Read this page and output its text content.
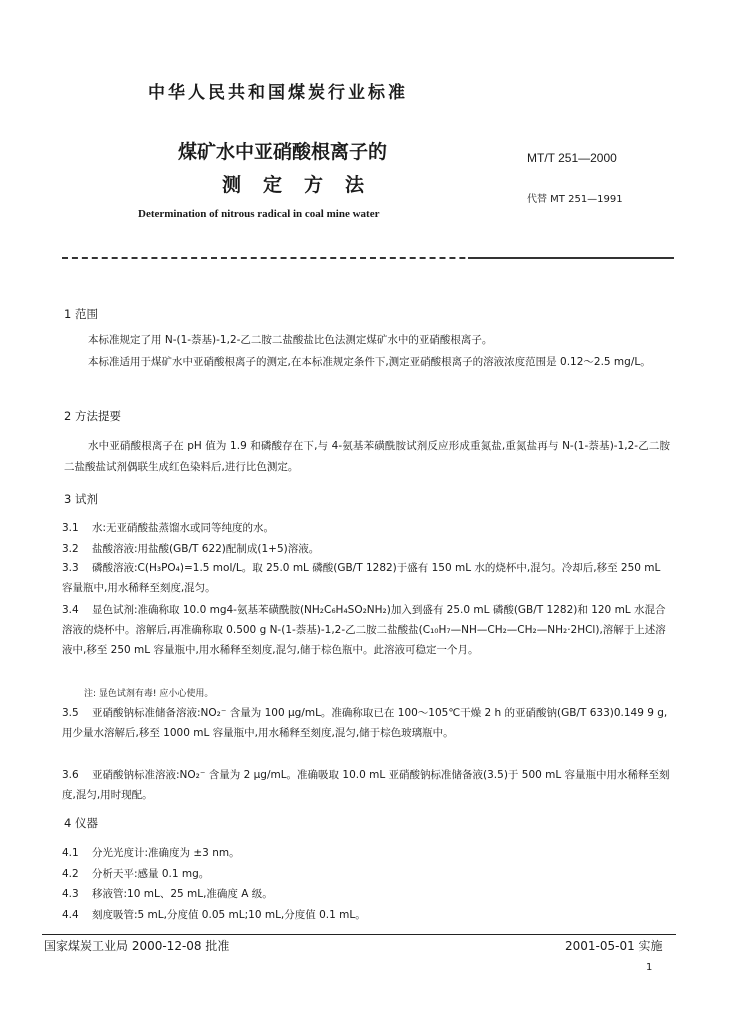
中华人民共和国煤炭行业标准
煤矿水中亚硝酸根离子的
测定方法
Determination of nitrous radical in coal mine water
MT/T 251—2000
代替 MT 251—1991
1 范围
本标准规定了用 N-(1-萘基)-1,2-乙二胺二盐酸盐比色法测定煤矿水中的亚硝酸根离子。
本标准适用于煤矿水中亚硝酸根离子的测定,在本标准规定条件下,测定亚硝酸根离子的溶液浓度范围是 0.12～2.5 mg/L。
2 方法提要
水中亚硝酸根离子在 pH 值为 1.9 和磷酸存在下,与 4-氨基苯磺酰胺试剂反应形成重氮盐,重氮盐再与 N-(1-萘基)-1,2-乙二胺二盐酸盐试剂偶联生成红色染料后,进行比色测定。
3 试剂
3.1 水:无亚硝酸盐蒸馏水或同等纯度的水。
3.2 盐酸溶液:用盐酸(GB/T 622)配制成(1+5)溶液。
3.3 磷酸溶液:C(H₃PO₄)=1.5 mol/L。取 25.0 mL 磷酸(GB/T 1282)于盛有 150 mL 水的烧杯中,混匀。冷却后,移至 250 mL 容量瓶中,用水稀释至刻度,混匀。
3.4 显色试剂:准确称取 10.0 mg4-氨基苯磺酰胺(NH₂C₆H₄SO₂NH₂)加入到盛有 25.0 mL 磷酸(GB/T 1282)和 120 mL 水混合溶液的烧杯中。溶解后,再准确称取 0.500 g N-(1-萘基)-1,2-乙二胺二盐酸盐(C₁₀H₇—NH—CH₂—CH₂—NH₂·2HCl),溶解于上述溶液中,移至 250 mL 容量瓶中,用水稀释至刻度,混匀,储于棕色瓶中。此溶液可稳定一个月。
注: 显色试剂有毒! 应小心使用。
3.5 亚硝酸钠标准储备溶液:NO₂⁻ 含量为 100 μg/mL。准确称取已在 100～105℃干燥 2 h 的亚硝酸钠(GB/T 633)0.149 9 g,用少量水溶解后,移至 1000 mL 容量瓶中,用水稀释至刻度,混匀,储于棕色玻璃瓶中。
3.6 亚硝酸钠标准溶液:NO₂⁻ 含量为 2 μg/mL。准确吸取 10.0 mL 亚硝酸钠标准储备液(3.5)于 500 mL 容量瓶中用水稀释至刻度,混匀,用时现配。
4 仪器
4.1 分光光度计:准确度为 ±3 nm。
4.2 分析天平:感量 0.1 mg。
4.3 移液管:10 mL、25 mL,准确度 A 级。
4.4 刻度吸管:5 mL,分度值 0.05 mL;10 mL,分度值 0.1 mL。
国家煤炭工业局 2000-12-08 批准	2001-05-01 实施
1
